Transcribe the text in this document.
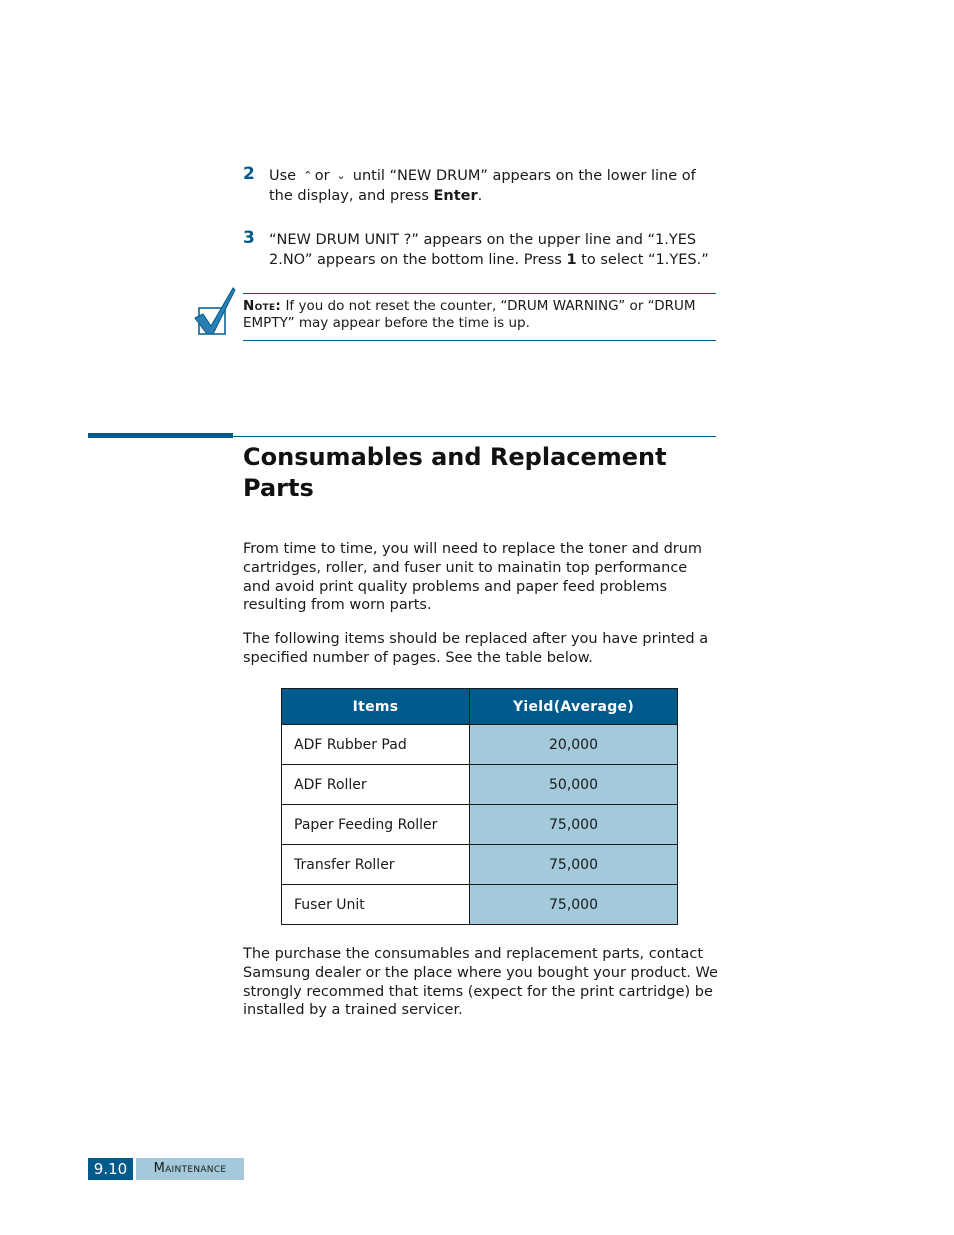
2 Use ⌃ or ⌄ until “NEW DRUM” appears on the lower line of the display, and press Enter.
3 “NEW DRUM UNIT ?” appears on the upper line and “1.YES 2.NO” appears on the bottom line. Press 1 to select “1.YES.”
Note: If you do not reset the counter, “DRUM WARNING” or “DRUM EMPTY” may appear before the time is up.
Consumables and Replacement Parts

From time to time, you will need to replace the toner and drum cartridges, roller, and fuser unit to mainatin top performance and avoid print quality problems and paper feed problems resulting from worn parts.

The following items should be replaced after you have printed a specified number of pages. See the table below.

Items	Yield(Average)
ADF Rubber Pad	20,000
ADF Roller	50,000
Paper Feeding Roller	75,000
Transfer Roller	75,000
Fuser Unit	75,000

The purchase the consumables and replacement parts, contact Samsung dealer or the place where you bought your product. We strongly recommed that items (expect for the print cartridge) be installed by a trained servicer.

9.10	Maintenance
